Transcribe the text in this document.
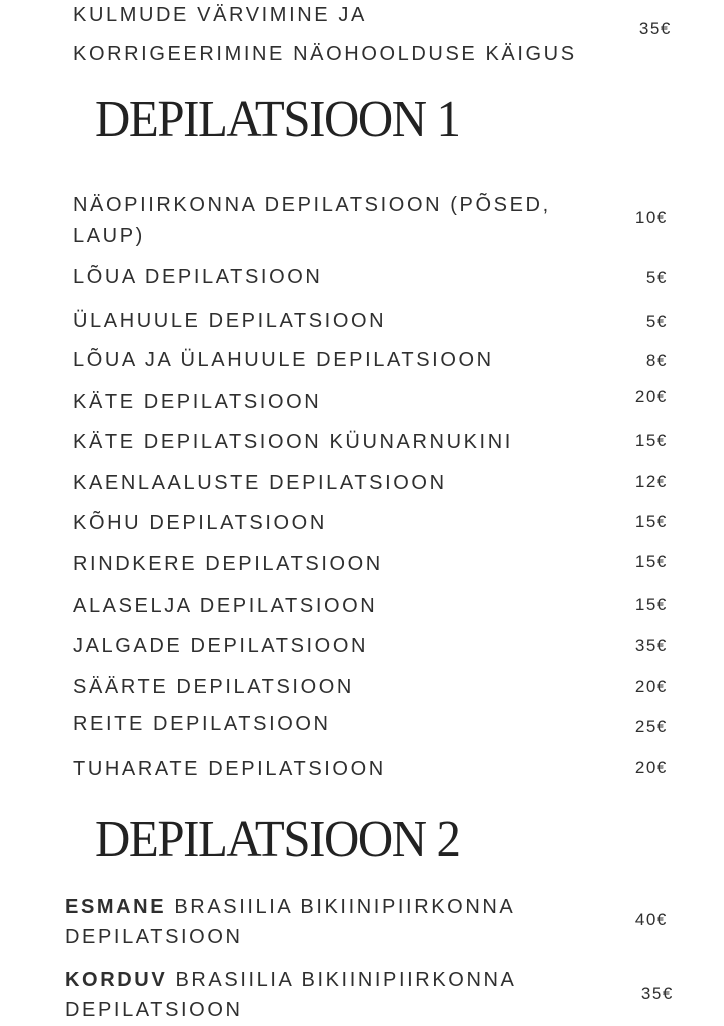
KULMUDE VÄRVIMINE JA
KORRIGEERIMINE NÄOHOOLDUSE KÄIGUS
35€
DEPILATSIOON 1
NÄOPIIRKONNA DEPILATSIOON (PÕSED, LAUP)
10€
LÕUA DEPILATSIOON	5€
ÜLAHUULE DEPILATSIOON	5€
LÕUA JA ÜLAHUULE DEPILATSIOON	8€
KÄTE DEPILATSIOON	20€
KÄTE DEPILATSIOON KÜUNARNUKINI	15€
KAENLAALUSTE DEPILATSIOON	12€
KÕHU DEPILATSIOON	15€
RINDKERE DEPILATSIOON	15€
ALASELJA DEPILATSIOON	15€
JALGADE DEPILATSIOON	35€
SÄÄRTE DEPILATSIOON	20€
REITE DEPILATSIOON	25€
TUHARATE DEPILATSIOON	20€
DEPILATSIOON 2
ESMANE BRASIILIA BIKIINIPIIRKONNA
DEPILATSIOON
40€
KORDUV BRASIILIA BIKIINIPIIRKONNA
DEPILATSIOON
35€
